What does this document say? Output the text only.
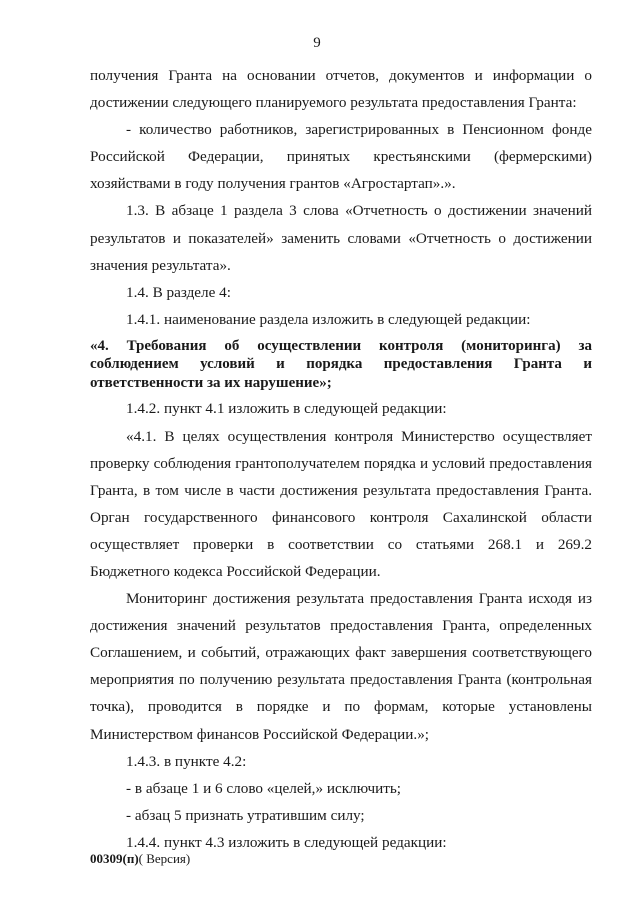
9

получения Гранта на основании отчетов, документов и информации о достижении следующего планируемого результата предоставления Гранта:

- количество работников, зарегистрированных в Пенсионном фонде Российской Федерации, принятых крестьянскими (фермерскими) хозяйствами в году получения грантов «Агростартап».».

1.3. В абзаце 1 раздела 3 слова «Отчетность о достижении значений результатов и показателей» заменить словами «Отчетность о достижении значения результата».

1.4. В разделе 4:

1.4.1. наименование раздела изложить в следующей редакции:

«4. Требования об осуществлении контроля (мониторинга) за соблюдением условий и порядка предоставления Гранта и ответственности за их нарушение»;

1.4.2. пункт 4.1 изложить в следующей редакции:

«4.1. В целях осуществления контроля Министерство осуществляет проверку соблюдения грантополучателем порядка и условий предоставления Гранта, в том числе в части достижения результата предоставления Гранта. Орган государственного финансового контроля Сахалинской области осуществляет проверки в соответствии со статьями 268.1 и 269.2 Бюджетного кодекса Российской Федерации.

Мониторинг достижения результата предоставления Гранта исходя из достижения значений результатов предоставления Гранта, определенных Соглашением, и событий, отражающих факт завершения соответствующего мероприятия по получению результата предоставления Гранта (контрольная точка), проводится в порядке и по формам, которые установлены Министерством финансов Российской Федерации.»;

1.4.3. в пункте 4.2:

- в абзаце 1 и 6 слово «целей,» исключить;

- абзац 5 признать утратившим силу;

1.4.4. пункт 4.3 изложить в следующей редакции:

00309(п)( Версия)
